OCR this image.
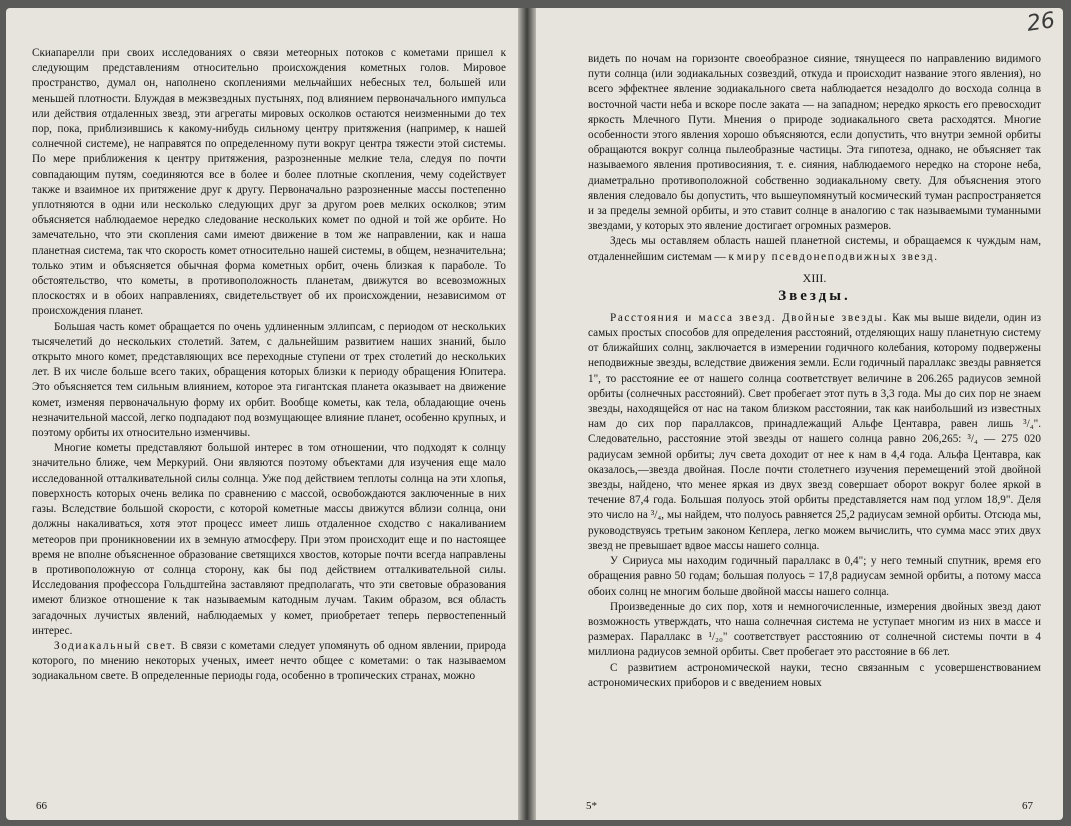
Скиапарелли при своих исследованиях о связи метеорных потоков с кометами пришел к следующим представлениям относительно происхождения кометных голов. Мировое пространство, думал он, наполнено скоплениями мельчайших небесных тел, большей или меньшей плотности. Блуждая в межзвездных пустынях, под влиянием первоначального импульса или действия отдаленных звезд, эти агрегаты мировых осколков остаются неизменными до тех пор, пока, приблизившись к какому-нибудь сильному центру притяжения (например, к нашей солнечной системе), не направятся по определенному пути вокруг центра тяжести этой системы. По мере приближения к центру притяжения, разрозненные мелкие тела, следуя по почти совпадающим путям, соединяются все в более и более плотные скопления, чему содействует также и взаимное их притяжение друг к другу. Первоначально разрозненные массы постепенно уплотняются в одни или несколько следующих друг за другом роев мелких осколков; этим объясняется наблюдаемое нередко следование нескольких комет по одной и той же орбите. Но замечательно, что эти скопления сами имеют движение в том же направлении, как и наша планетная система, так что скорость комет относительно нашей системы, в общем, незначительна; только этим и объясняется обычная форма кометных орбит, очень близкая к параболе. То обстоятельство, что кометы, в противоположность планетам, движутся во всевозможных плоскостях и в обоих направлениях, свидетельствует об их происхождении, независимом от происхождения планет.

Большая часть комет обращается по очень удлиненным эллипсам, с периодом от нескольких тысячелетий до нескольких столетий. Затем, с дальнейшим развитием наших знаний, было открыто много комет, представляющих все переходные ступени от трех столетий до нескольких лет. В их числе больше всего таких, обращения которых близки к периоду обращения Юпитера. Это объясняется тем сильным влиянием, которое эта гигантская планета оказывает на движение комет, изменяя первоначальную форму их орбит. Вообще кометы, как тела, обладающие очень незначительной массой, легко подпадают под возмущающее влияние планет, особенно крупных, и поэтому орбиты их относительно изменчивы.

Многие кометы представляют большой интерес в том отношении, что подходят к солнцу значительно ближе, чем Меркурий. Они являются поэтому объектами для изучения еще мало исследованной отталкивательной силы солнца. Уже под действием теплоты солнца на эти хлопья, поверхность которых очень велика по сравнению с массой, освобождаются заключенные в них газы. Вследствие большой скорости, с которой кометные массы движутся вблизи солнца, они должны накаливаться, хотя этот процесс имеет лишь отдаленное сходство с накаливанием метеоров при проникновении их в земную атмосферу. При этом происходит еще и по настоящее время не вполне объясненное образование светящихся хвостов, которые почти всегда направлены в противоположную от солнца сторону, как бы под действием отталкивательной силы. Исследования профессора Гольдштейна заставляют предполагать, что эти световые образования имеют близкое отношение к так называемым катодным лучам. Таким образом, вся область загадочных лучистых явлений, наблюдаемых у комет, приобретает теперь первостепенный интерес.

Зодиакальный свет. В связи с кометами следует упомянуть об одном явлении, природа которого, по мнению некоторых ученых, имеет нечто общее с кометами: о так называемом зодиакальном свете. В определенные периоды года, особенно в тропических странах, можно

66
26

видеть по ночам на горизонте своеобразное сияние, тянущееся по направлению видимого пути солнца (или зодиакальных созвездий, откуда и происходит название этого явления), но всего эффектнее явление зодиакального света наблюдается незадолго до восхода солнца в восточной части неба и вскоре после заката — на западном; нередко яркость его превосходит яркость Млечного Пути. Мнения о природе зодиакального света расходятся. Многие особенности этого явления хорошо объясняются, если допустить, что внутри земной орбиты обращаются вокруг солнца пылеобразные частицы. Эта гипотеза, однако, не объясняет так называемого явления противосияния, т. е. сияния, наблюдаемого нередко на стороне неба, диаметрально противоположной собственно зодиакальному свету. Для объяснения этого явления следовало бы допустить, что вышеупомянутый космический туман распространяется и за пределы земной орбиты, и это ставит солнце в аналогию с так называемыми туманными звездами, у которых это явление достигает огромных размеров.

Здесь мы оставляем область нашей планетной системы, и обращаемся к чуждым нам, отдаленнейшим системам — к миру псевдонеподвижных звезд.

XIII.
Звезды.

Расстояния и масса звезд. Двойные звезды. Как мы выше видели, один из самых простых способов для определения расстояний, отделяющих нашу планетную систему от ближайших солнц, заключается в измерении годичного колебания, которому подвержены неподвижные звезды, вследствие движения земли. Если годичный параллакс звезды равняется 1", то расстояние ее от нашего солнца соответствует величине в 206.265 радиусов земной орбиты (солнечных расстояний). Свет пробегает этот путь в 3,3 года. Мы до сих пор не знаем звезды, находящейся от нас на таком близком расстоянии, так как наибольший из известных нам до сих пор параллаксов, принадлежащий Альфе Центавра, равен лишь ³/₄". Следовательно, расстояние этой звезды от нашего солнца равно 206,265: ³/₄ — 275 020 радиусам земной орбиты; луч света доходит от нее к нам в 4,4 года. Альфа Центавра, как оказалось,—звезда двойная. После почти столетнего изучения перемещений этой двойной звезды, найдено, что менее яркая из двух звезд совершает оборот вокруг более яркой в течение 87,4 года. Большая полуось этой орбиты представляется нам под углом 18,9". Деля это число на ³/₄, мы найдем, что полуось равняется 25,2 радиусам земной орбиты. Отсюда мы, руководствуясь третьим законом Кеплера, легко можем вычислить, что сумма масс этих двух звезд не превышает вдвое массы нашего солнца.

У Сириуса мы находим годичный параллакс в 0,4"; у него темный спутник, время его обращения равно 50 годам; большая полуось = 17,8 радиусам земной орбиты, а потому масса обоих солнц не многим больше двойной массы нашего солнца.

Произведенные до сих пор, хотя и немногочисленные, измерения двойных звезд дают возможность утверждать, что наша солнечная система не уступает многим из них в массе и размерах. Параллакс в ¹/₂₀" соответствует расстоянию от солнечной системы почти в 4 миллиона радиусов земной орбиты. Свет пробегает это расстояние в 66 лет.

С развитием астрономической науки, тесно связанным с усовершенствованием астрономических приборов и с введением новых

5*	67
